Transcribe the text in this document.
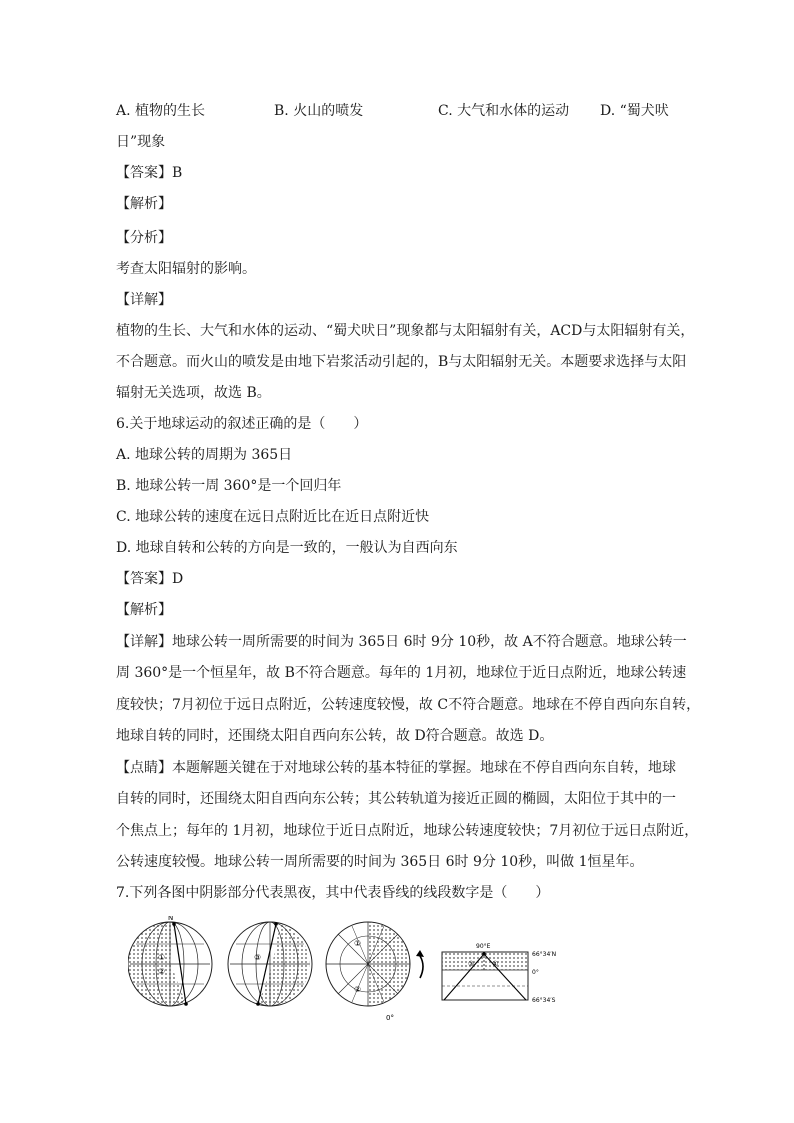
A. 植物的生长	B. 火山的喷发	C. 大气和水体的运动 D. “蜀犬吠
日”现象
【答案】B
【解析】
【分析】
考查太阳辐射的影响。
【详解】
植物的生长、大气和水体的运动、“蜀犬吠日”现象都与太阳辐射有关，ACD与太阳辐射有关，
不合题意。而火山的喷发是由地下岩浆活动引起的，B与太阳辐射无关。本题要求选择与太阳
辐射无关选项，故选 B。
6.关于地球运动的叙述正确的是（　　）
A. 地球公转的周期为 365日
B. 地球公转一周 360°是一个回归年
C. 地球公转的速度在远日点附近比在近日点附近快
D. 地球自转和公转的方向是一致的，一般认为自西向东
【答案】D
【解析】
【详解】地球公转一周所需要的时间为 365日 6时 9分 10秒，故 A不符合题意。地球公转一
周 360°是一个恒星年，故 B不符合题意。每年的 1月初，地球位于近日点附近，地球公转速
度较快；7月初位于远日点附近，公转速度较慢，故 C不符合题意。地球在不停自西向东自转，
地球自转的同时，还围绕太阳自西向东公转，故 D符合题意。故选 D。
【点睛】本题解题关键在于对地球公转的基本特征的掌握。地球在不停自西向东自转，地球
自转的同时，还围绕太阳自西向东公转；其公转轨道为接近正圆的椭圆，太阳位于其中的一
个焦点上；每年的 1月初，地球位于近日点附近，地球公转速度较快；7月初位于远日点附近，
公转速度较慢。地球公转一周所需要的时间为 365日 6时 9分 10秒，叫做 1恒星年。
7.下列各图中阴影部分代表黑夜，其中代表昏线的线段数字是（　　）
N
①
②
③
①
②
0°
90°E
66°34′N
0°
66°34′S
③	④
